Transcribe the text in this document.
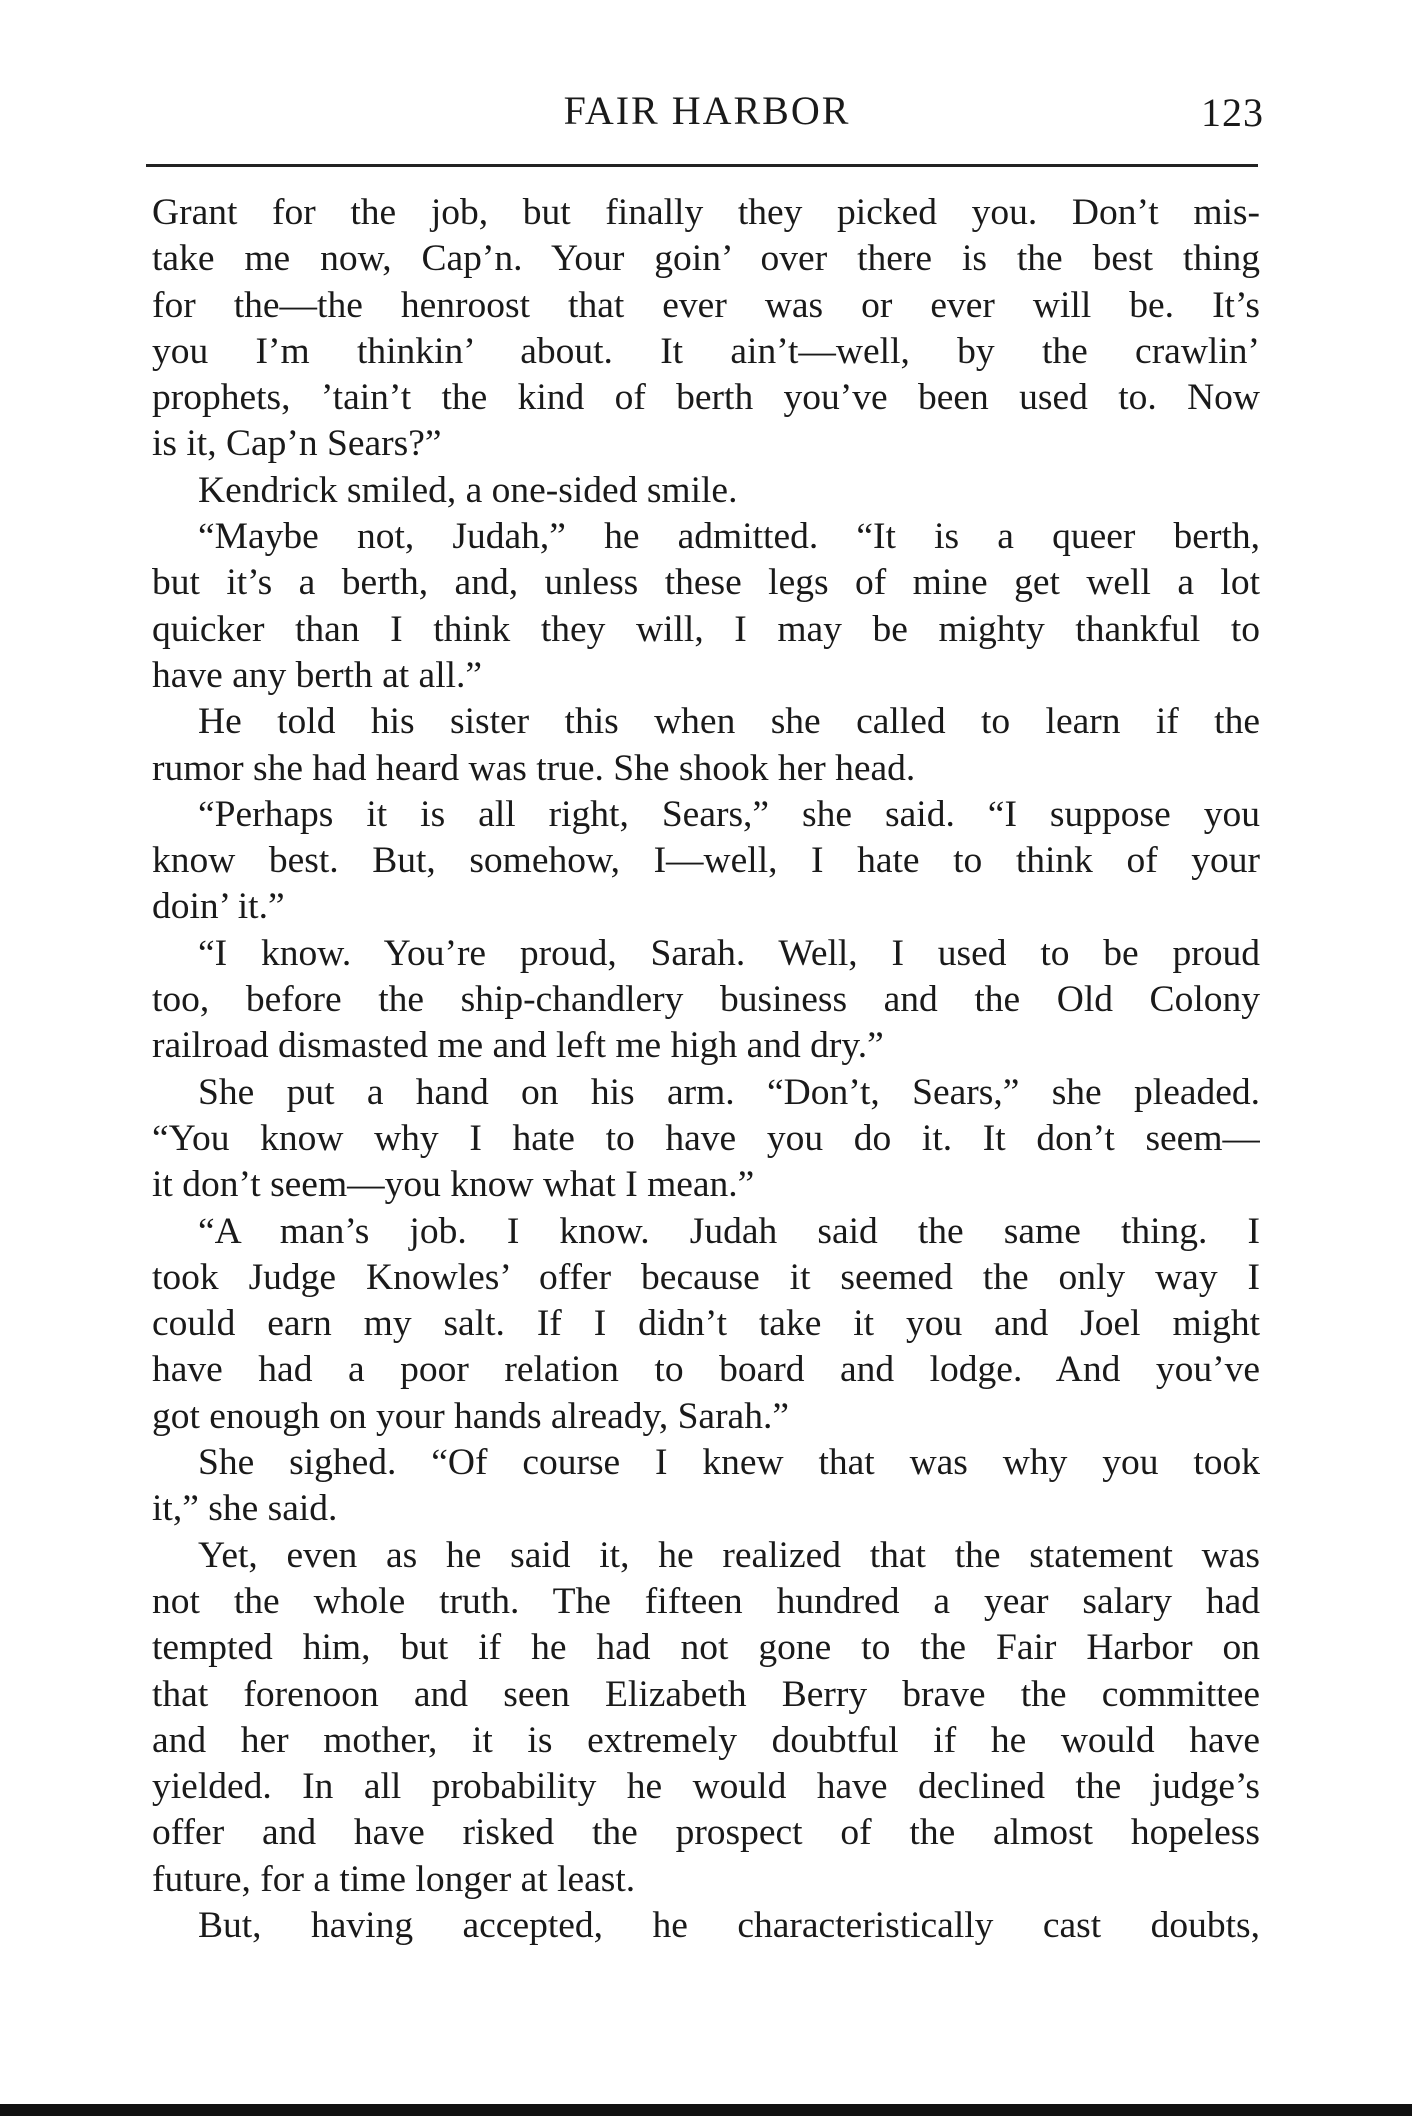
FAIR HARBOR	123
Grant for the job, but finally they picked you. Don’t mis-
take me now, Cap’n. Your goin’ over there is the best thing
for the—the henroost that ever was or ever will be. It’s
you I’m thinkin’ about. It ain’t—well, by the crawlin’
prophets, ’tain’t the kind of berth you’ve been used to. Now
is it, Cap’n Sears?”
Kendrick smiled, a one-sided smile.
“Maybe not, Judah,” he admitted. “It is a queer berth,
but it’s a berth, and, unless these legs of mine get well a lot
quicker than I think they will, I may be mighty thankful to
have any berth at all.”
He told his sister this when she called to learn if the
rumor she had heard was true. She shook her head.
“Perhaps it is all right, Sears,” she said. “I suppose you
know best. But, somehow, I—well, I hate to think of your
doin’ it.”
“I know. You’re proud, Sarah. Well, I used to be proud
too, before the ship-chandlery business and the Old Colony
railroad dismasted me and left me high and dry.”
She put a hand on his arm. “Don’t, Sears,” she pleaded.
“You know why I hate to have you do it. It don’t seem—
it don’t seem—you know what I mean.”
“A man’s job. I know. Judah said the same thing. I
took Judge Knowles’ offer because it seemed the only way I
could earn my salt. If I didn’t take it you and Joel might
have had a poor relation to board and lodge. And you’ve
got enough on your hands already, Sarah.”
She sighed. “Of course I knew that was why you took
it,” she said.
Yet, even as he said it, he realized that the statement was
not the whole truth. The fifteen hundred a year salary had
tempted him, but if he had not gone to the Fair Harbor on
that forenoon and seen Elizabeth Berry brave the committee
and her mother, it is extremely doubtful if he would have
yielded. In all probability he would have declined the judge’s
offer and have risked the prospect of the almost hopeless
future, for a time longer at least.
But, having accepted, he characteristically cast doubts,
